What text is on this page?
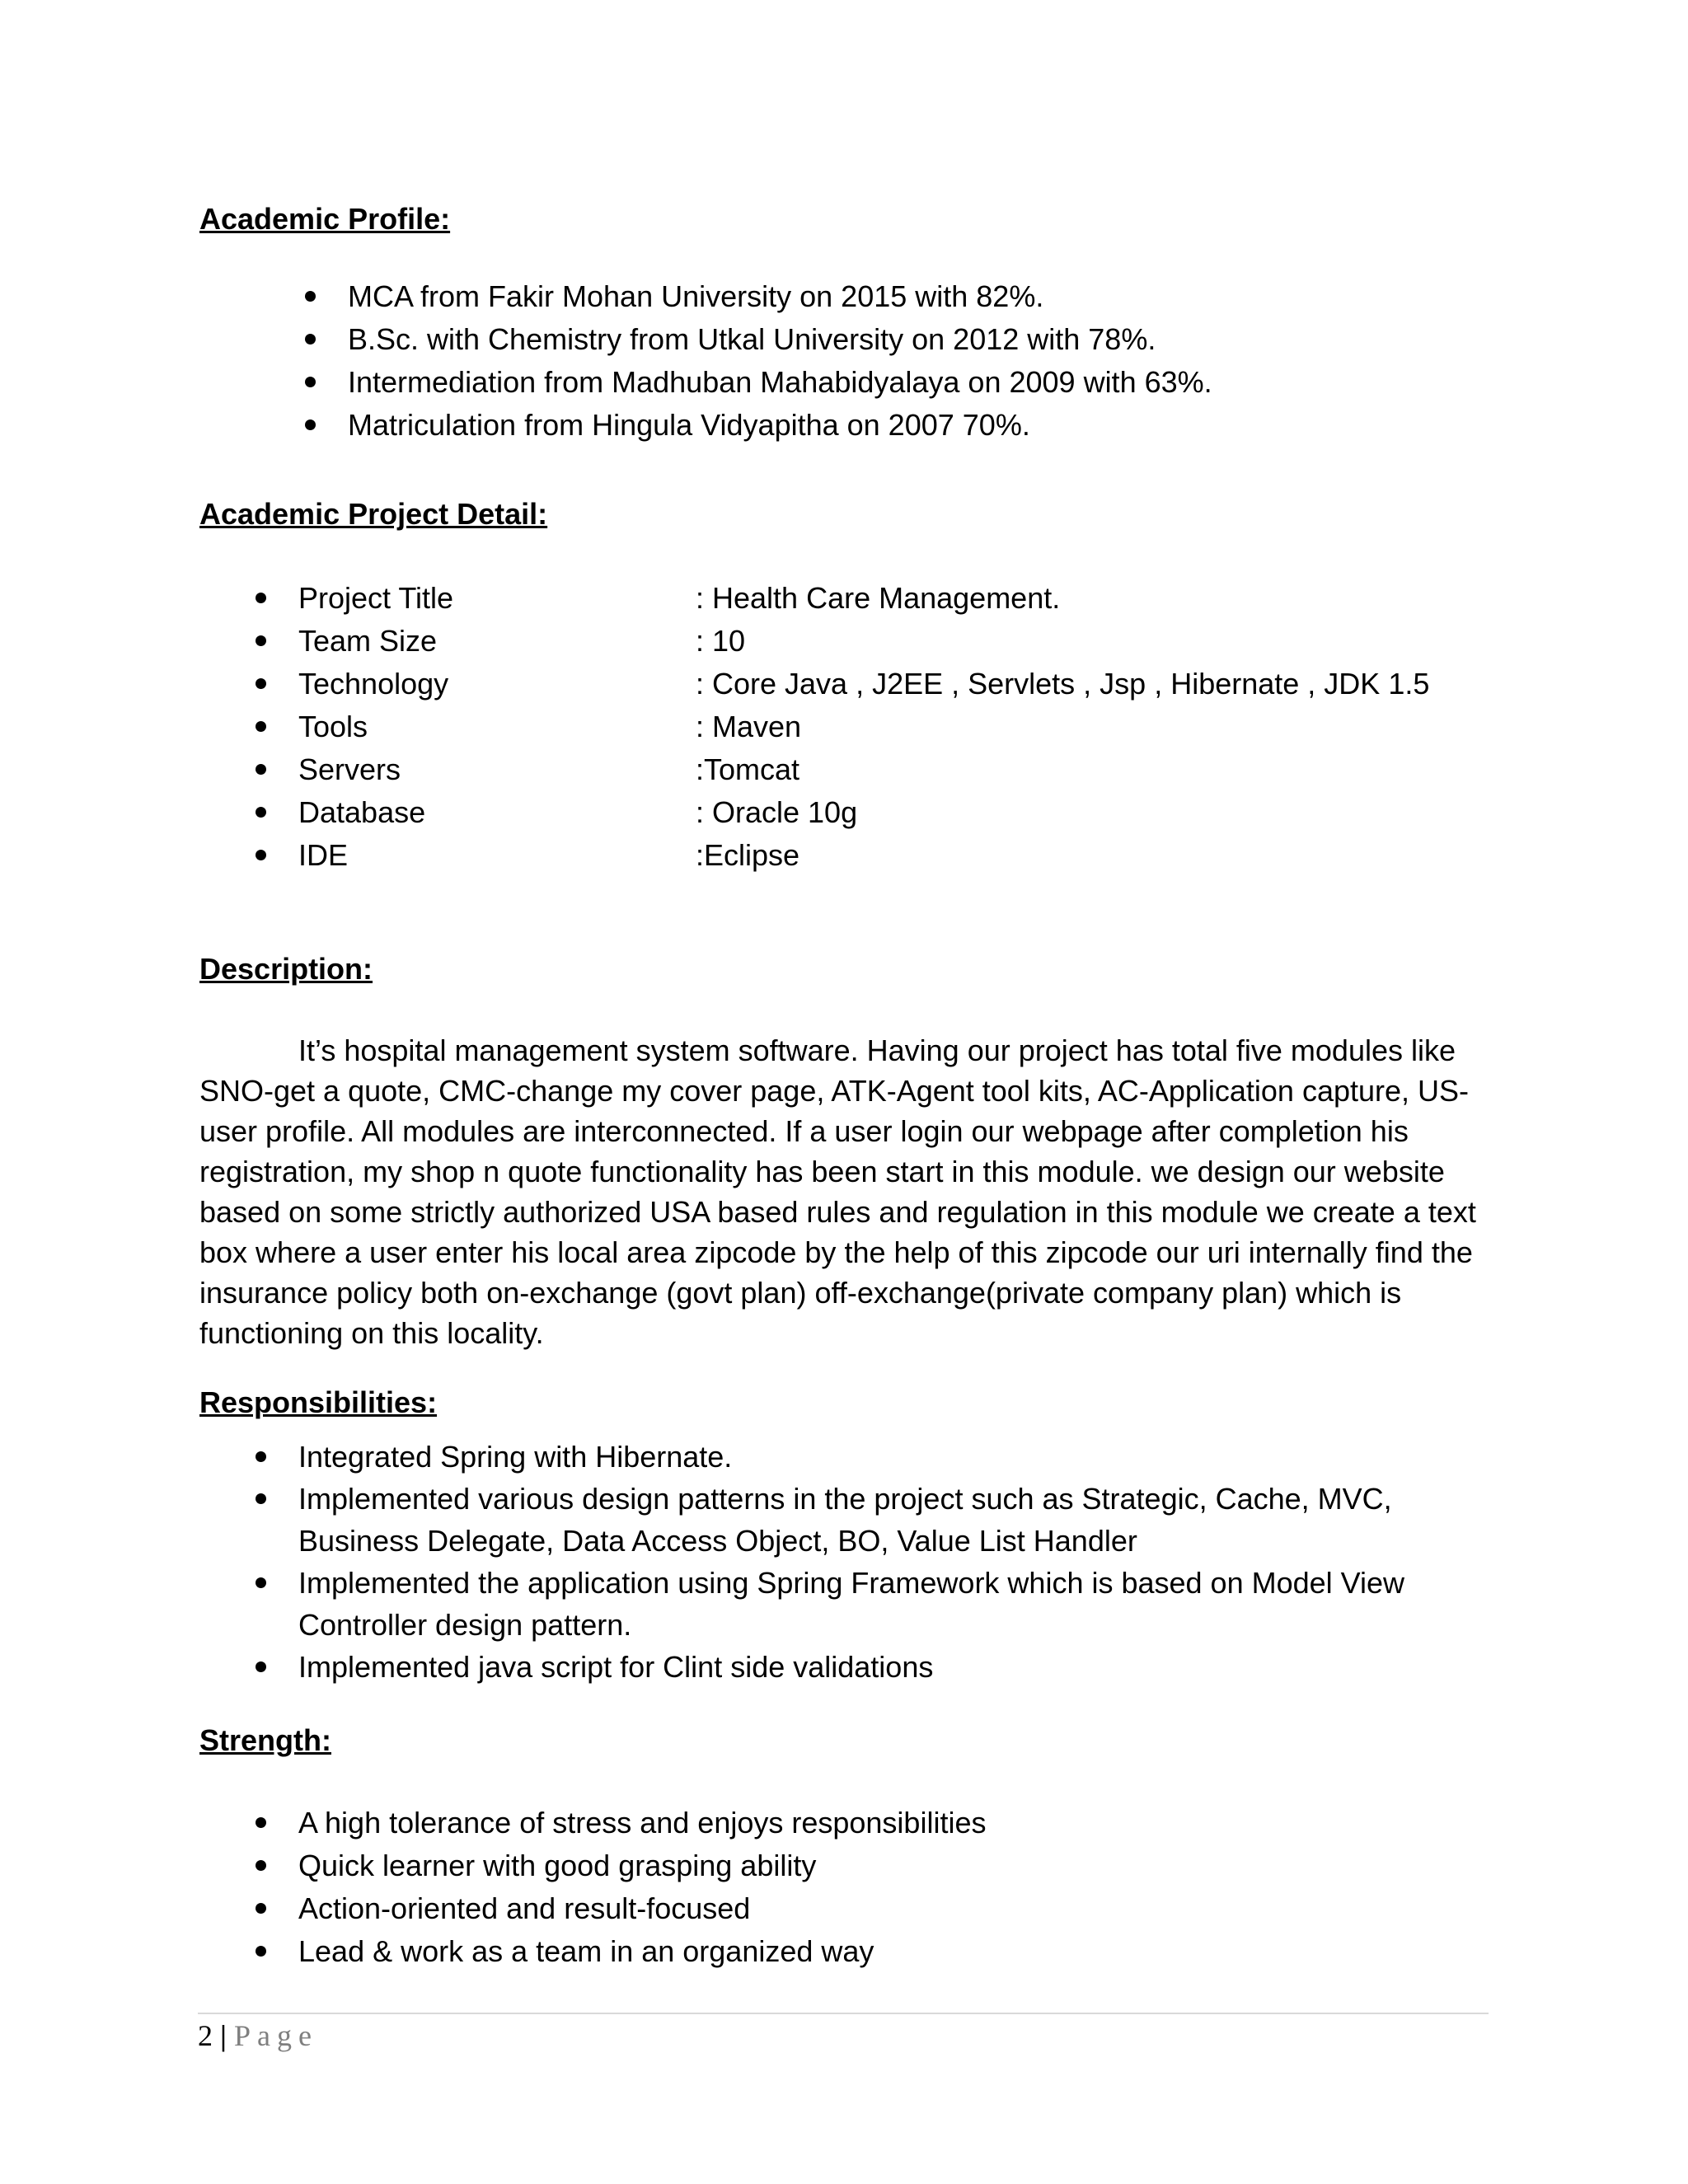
Academic Profile:
MCA from Fakir Mohan University on 2015 with 82%.
B.Sc. with Chemistry from Utkal University on 2012 with 78%.
Intermediation from Madhuban Mahabidyalaya on 2009 with 63%.
Matriculation from Hingula Vidyapitha on 2007 70%.
Academic Project Detail:
Project Title	: Health Care Management.
Team Size	: 10
Technology	: Core Java , J2EE , Servlets , Jsp , Hibernate , JDK 1.5
Tools	: Maven
Servers	:Tomcat
Database	: Oracle 10g
IDE	:Eclipse
Description:

It’s hospital management system software. Having our project has total five modules like SNO-get a quote, CMC-change my cover page, ATK-Agent tool kits, AC-Application capture, US-user profile. All modules are interconnected. If a user login our webpage after completion his registration, my shop n quote functionality has been start in this module. we design our website based on some strictly authorized USA based rules and regulation in this module we create a text box where a user enter his local area zipcode by the help of this zipcode our uri internally find the insurance policy both on-exchange (govt plan) off-exchange(private company plan) which is functioning on this locality.

Responsibilities:
Integrated Spring with Hibernate.
Implemented various design patterns in the project such as Strategic, Cache, MVC, Business Delegate, Data Access Object, BO, Value List Handler
Implemented the application using Spring Framework which is based on Model View Controller design pattern.
Implemented java script for Clint side validations
Strength:
A high tolerance of stress and enjoys responsibilities
Quick learner with good grasping ability
Action-oriented and result-focused
Lead & work as a team in an organized way
2 | Page
